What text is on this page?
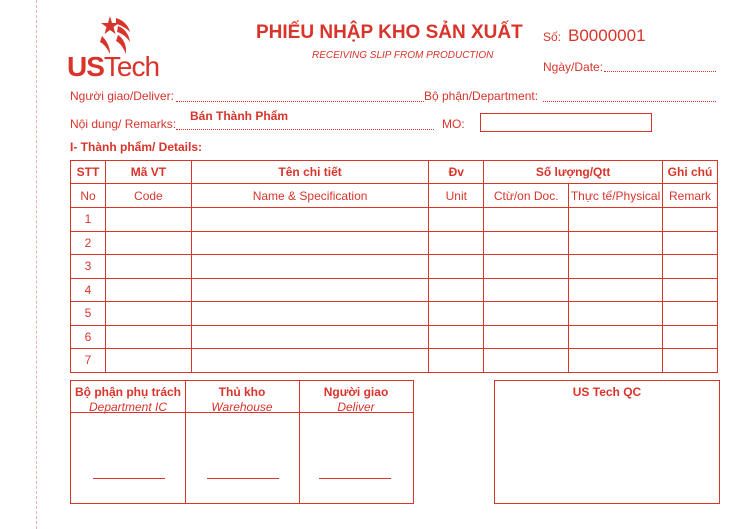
USTech
PHIẾU NHẬP KHO SẢN XUẤT
RECEIVING SLIP FROM PRODUCTION
Số: B0000001
Ngày/Date:
Người giao/Deliver:	Bộ phận/Department:
Nội dung/ Remarks:
Bán Thành Phẩm
MO:
I- Thành phẩm/ Details:
STT	Mã VT	Tên chi tiết	Đv	Số lượng/Qtt		Ghi chú
No	Code	Name & Specification	Unit	Ctừ/on Doc.	Thực tế/Physical	Remark
1						
2						
3						
4						
5						
6						
7						
Bộ phận phụ trách
Department IC
Thủ kho
Warehouse
Người giao
Deliver
US Tech QC
